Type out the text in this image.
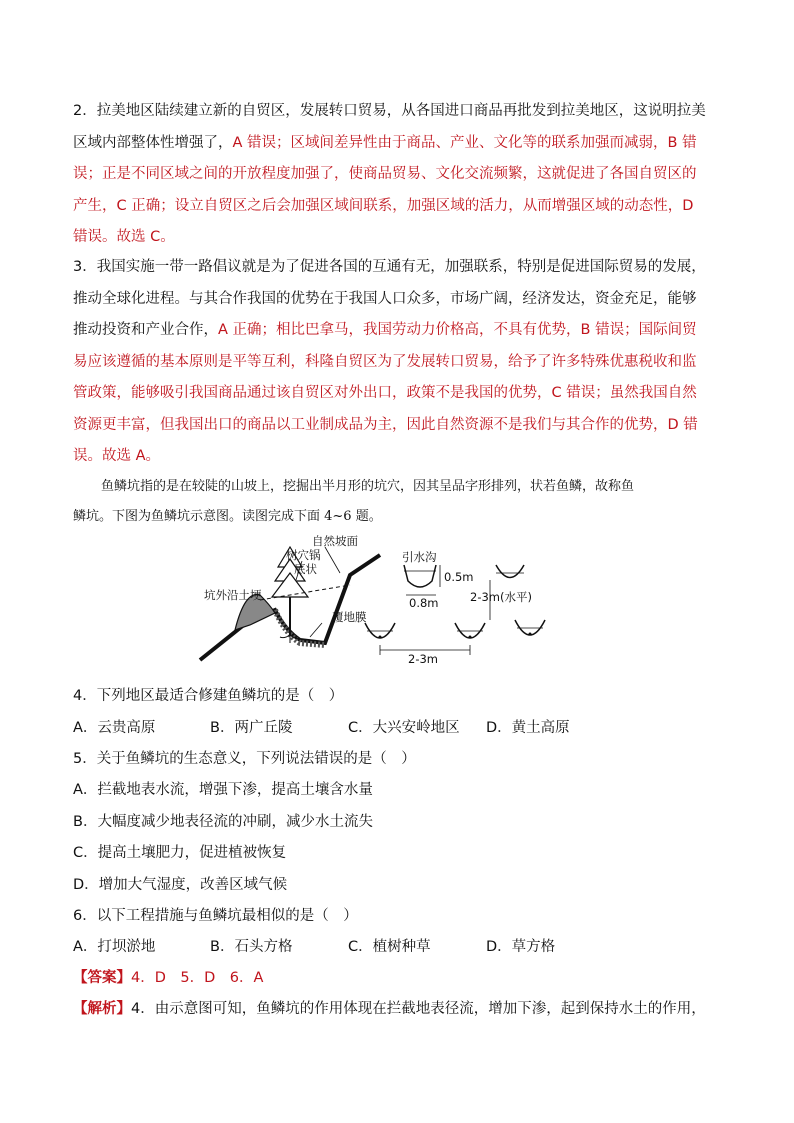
2．拉美地区陆续建立新的自贸区，发展转口贸易，从各国进口商品再批发到拉美地区，这说明拉美
区域内部整体性增强了，A 错误；区域间差异性由于商品、产业、文化等的联系加强而减弱，B 错
误；正是不同区域之间的开放程度加强了，使商品贸易、文化交流频繁，这就促进了各国自贸区的
产生，C 正确；设立自贸区之后会加强区域间联系，加强区域的活力，从而增强区域的动态性，D
错误。故选 C。
3．我国实施一带一路倡议就是为了促进各国的互通有无，加强联系，特别是促进国际贸易的发展，
推动全球化进程。与其合作我国的优势在于我国人口众多，市场广阔，经济发达，资金充足，能够
推动投资和产业合作，A 正确；相比巴拿马，我国劳动力价格高，不具有优势，B 错误；国际间贸
易应该遵循的基本原则是平等互利，科隆自贸区为了发展转口贸易，给予了许多特殊优惠税收和监
管政策，能够吸引我国商品通过该自贸区对外出口，政策不是我国的优势，C 错误；虽然我国自然
资源更丰富，但我国出口的商品以工业制成品为主，因此自然资源不是我们与其合作的优势，D 错
误。故选 A。
鱼鳞坑指的是在较陡的山坡上，挖掘出半月形的坑穴，因其呈品字形排列，状若鱼鳞，故称鱼
鳞坑。下图为鱼鳞坑示意图。读图完成下面 4~6 题。
自然坡面
树穴锅
底状
坑外沿土埂
覆地膜
引水沟
0.5m
0.8m	2-3m(水平)
2-3m
4．下列地区最适合修建鱼鳞坑的是（　）
A．云贵高原	B．两广丘陵	C．大兴安岭地区 D．黄土高原
5．关于鱼鳞坑的生态意义，下列说法错误的是（　）
A．拦截地表水流，增强下渗，提高土壤含水量
B．大幅度减少地表径流的冲刷，减少水土流失
C．提高土壤肥力，促进植被恢复
D．增加大气湿度，改善区域气候
6．以下工程措施与鱼鳞坑最相似的是（　）
A．打坝淤地	B．石头方格	C．植树种草	D．草方格
【答案】4．D　5．D　6．A
【解析】4．由示意图可知，鱼鳞坑的作用体现在拦截地表径流，增加下渗，起到保持水土的作用，
